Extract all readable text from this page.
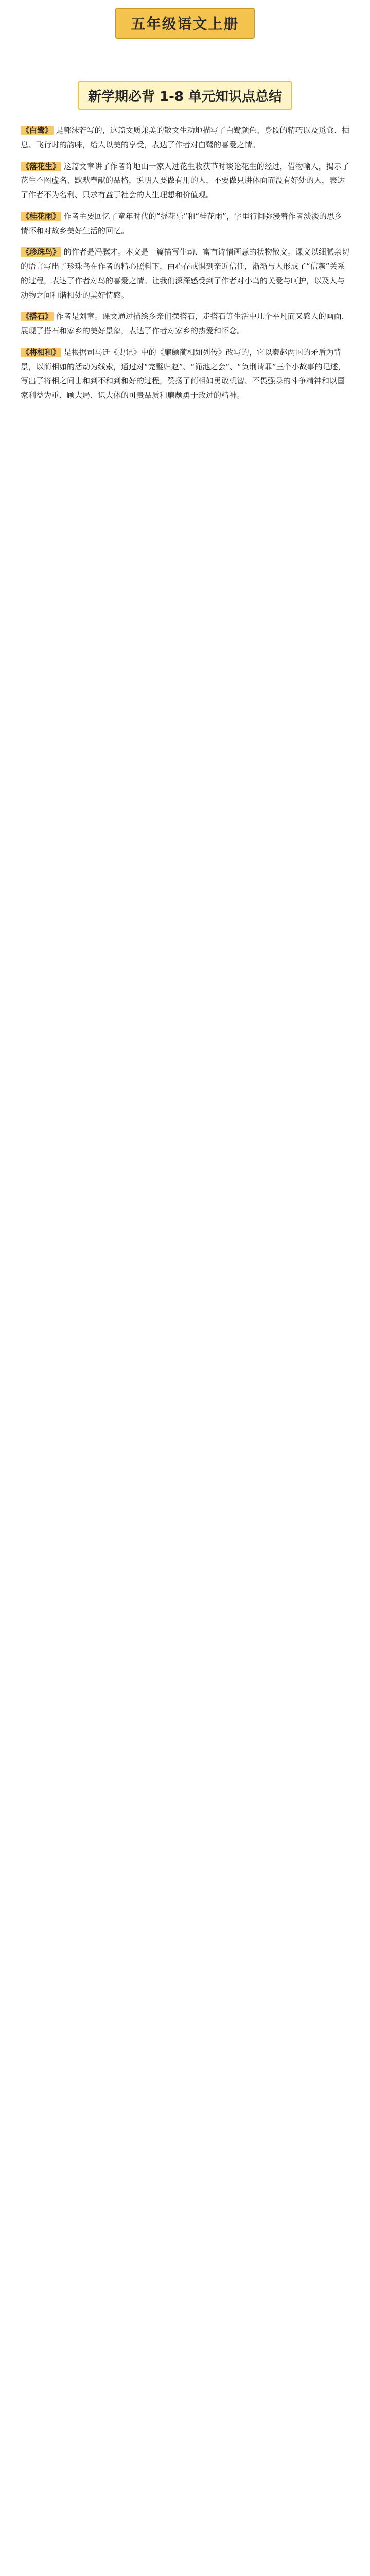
五年级语文上册
新学期必背 1-8 单元知识点总结

《白鹭》 是郭沫若写的，这篇文质兼美的散文生动地描写了白鹭颜色、身段的精巧以及觅食、栖息、飞行时的韵味，给人以美的享受，表达了作者对白鹭的喜爱之情。

《落花生》 这篇文章讲了作者许地山一家人过花生收获节时谈论花生的经过，借物喻人，揭示了花生不图虚名、默默奉献的品格，说明人要做有用的人，不要做只讲体面而没有好处的人，表达了作者不为名利、只求有益于社会的人生理想和价值观。

《桂花雨》 作者主要回忆了童年时代的“摇花乐”和“桂花雨”，字里行间弥漫着作者淡淡的思乡情怀和对故乡美好生活的回忆。

《珍珠鸟》 的作者是冯骥才。本文是一篇描写生动、富有诗情画意的状物散文。课文以细腻亲切的语言写出了珍珠鸟在作者的精心照料下，由心存戒惧到亲近信任，渐渐与人形成了“信赖”关系的过程，表达了作者对鸟的喜爱之情。让我们深深感受到了作者对小鸟的关爱与呵护，以及人与动物之间和谐相处的美好情感。

《搭石》 作者是刘章。课文通过描绘乡亲们摆搭石，走搭石等生活中几个平凡而又感人的画面，展现了搭石和家乡的美好景象，表达了作者对家乡的热爱和怀念。

《将相和》 是根据司马迁《史记》中的《廉颇蔺相如列传》改写的，它以秦赵两国的矛盾为背景，以蔺相如的活动为线索，通过对“完璧归赵”、“渑池之会”、“负荆请罪”三个小故事的记述，写出了将相之间由和到不和到和好的过程，赞扬了蔺相如勇敢机智、不畏强暴的斗争精神和以国家利益为重、顾大局、识大体的可贵品质和廉颇勇于改过的精神。
